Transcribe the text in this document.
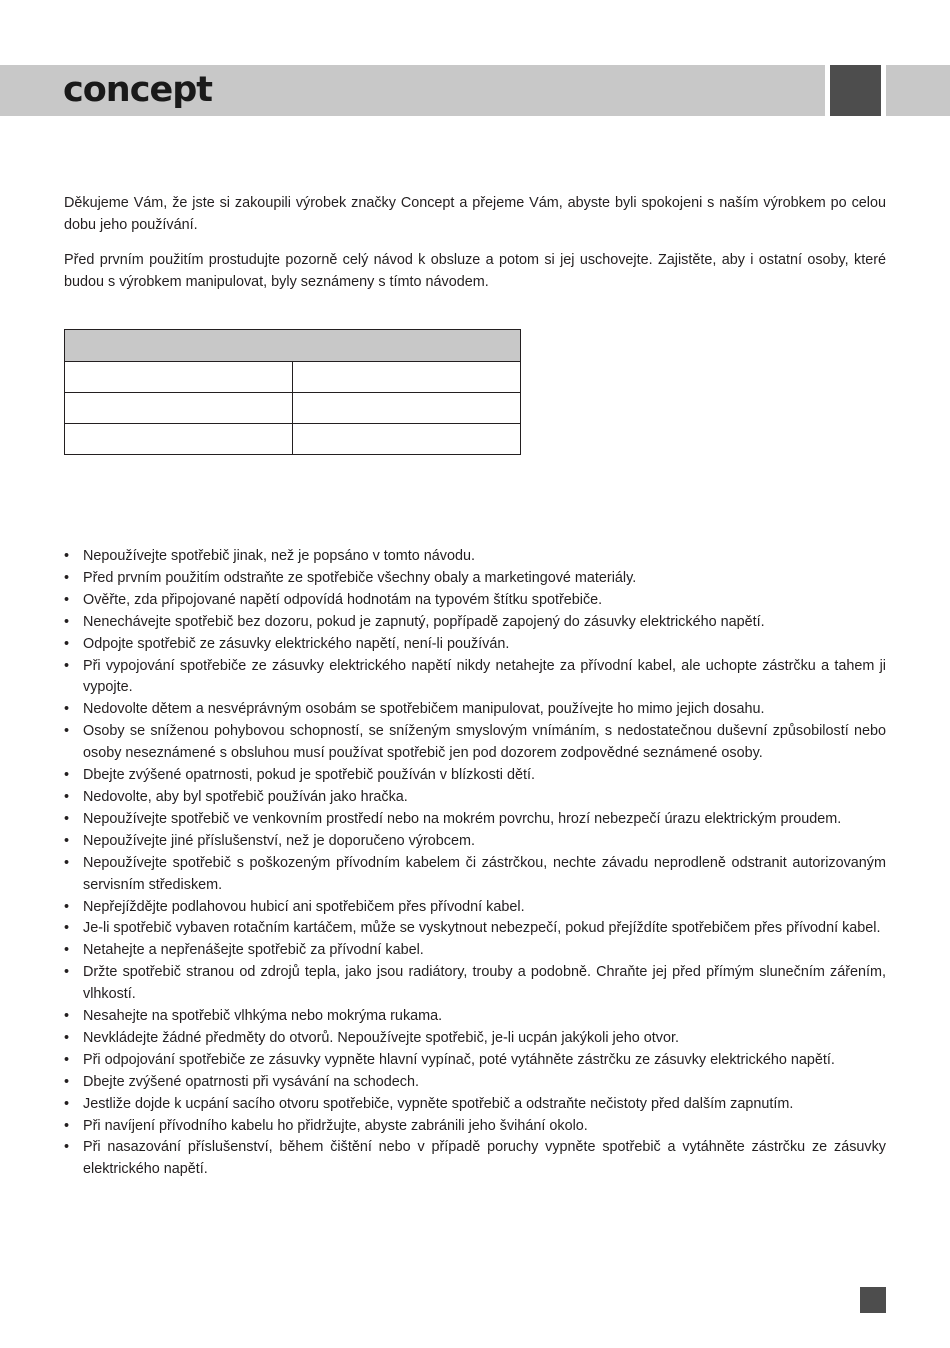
concept

Děkujeme Vám, že jste si zakoupili výrobek značky Concept a přejeme Vám, abyste byli spokojeni s naším výrobkem po celou dobu jeho používání.

Před prvním použitím prostudujte pozorně celý návod k obsluze a potom si jej uschovejte. Zajistěte, aby i ostatní osoby, které budou s výrobkem manipulovat, byly seznámeny s tímto návodem.

• Nepoužívejte spotřebič jinak, než je popsáno v tomto návodu.
• Před prvním použitím odstraňte ze spotřebiče všechny obaly a marketingové materiály.
• Ověřte, zda připojované napětí odpovídá hodnotám na typovém štítku spotřebiče.
• Nenechávejte spotřebič bez dozoru, pokud je zapnutý, popřípadě zapojený do zásuvky elektrického napětí.
• Odpojte spotřebič ze zásuvky elektrického napětí, není-li používán.
• Při vypojování spotřebiče ze zásuvky elektrického napětí nikdy netahejte za přívodní kabel, ale uchopte zástrčku a tahem ji vypojte.
• Nedovolte dětem a nesvéprávným osobám se spotřebičem manipulovat, používejte ho mimo jejich dosahu.
• Osoby se sníženou pohybovou schopností, se sníženým smyslovým vnímáním, s nedostatečnou duševní způsobilostí nebo osoby neseznámené s obsluhou musí používat spotřebič jen pod dozorem zodpovědné seznámené osoby.
• Dbejte zvýšené opatrnosti, pokud je spotřebič používán v blízkosti dětí.
• Nedovolte, aby byl spotřebič používán jako hračka.
• Nepoužívejte spotřebič ve venkovním prostředí nebo na mokrém povrchu, hrozí nebezpečí úrazu elektrickým proudem.
• Nepoužívejte jiné příslušenství, než je doporučeno výrobcem.
• Nepoužívejte spotřebič s poškozeným přívodním kabelem či zástrčkou, nechte závadu neprodleně odstranit autorizovaným servisním střediskem.
• Nepřejíždějte podlahovou hubicí ani spotřebičem přes přívodní kabel.
• Je-li spotřebič vybaven rotačním kartáčem, může se vyskytnout nebezpečí, pokud přejíždíte spotřebičem přes přívodní kabel.
• Netahejte a nepřenášejte spotřebič za přívodní kabel.
• Držte spotřebič stranou od zdrojů tepla, jako jsou radiátory, trouby a podobně. Chraňte jej před přímým slunečním zářením, vlhkostí.
• Nesahejte na spotřebič vlhkýma nebo mokrýma rukama.
• Nevkládejte žádné předměty do otvorů. Nepoužívejte spotřebič, je-li ucpán jakýkoli jeho otvor.
• Při odpojování spotřebiče ze zásuvky vypněte hlavní vypínač, poté vytáhněte zástrčku ze zásuvky elektrického napětí.
• Dbejte zvýšené opatrnosti při vysávání na schodech.
• Jestliže dojde k ucpání sacího otvoru spotřebiče, vypněte spotřebič a odstraňte nečistoty před dalším zapnutím.
• Při navíjení přívodního kabelu ho přidržujte, abyste zabránili jeho švihání okolo.
• Při nasazování příslušenství, během čištění nebo v případě poruchy vypněte spotřebič a vytáhněte zástrčku ze zásuvky elektrického napětí.
